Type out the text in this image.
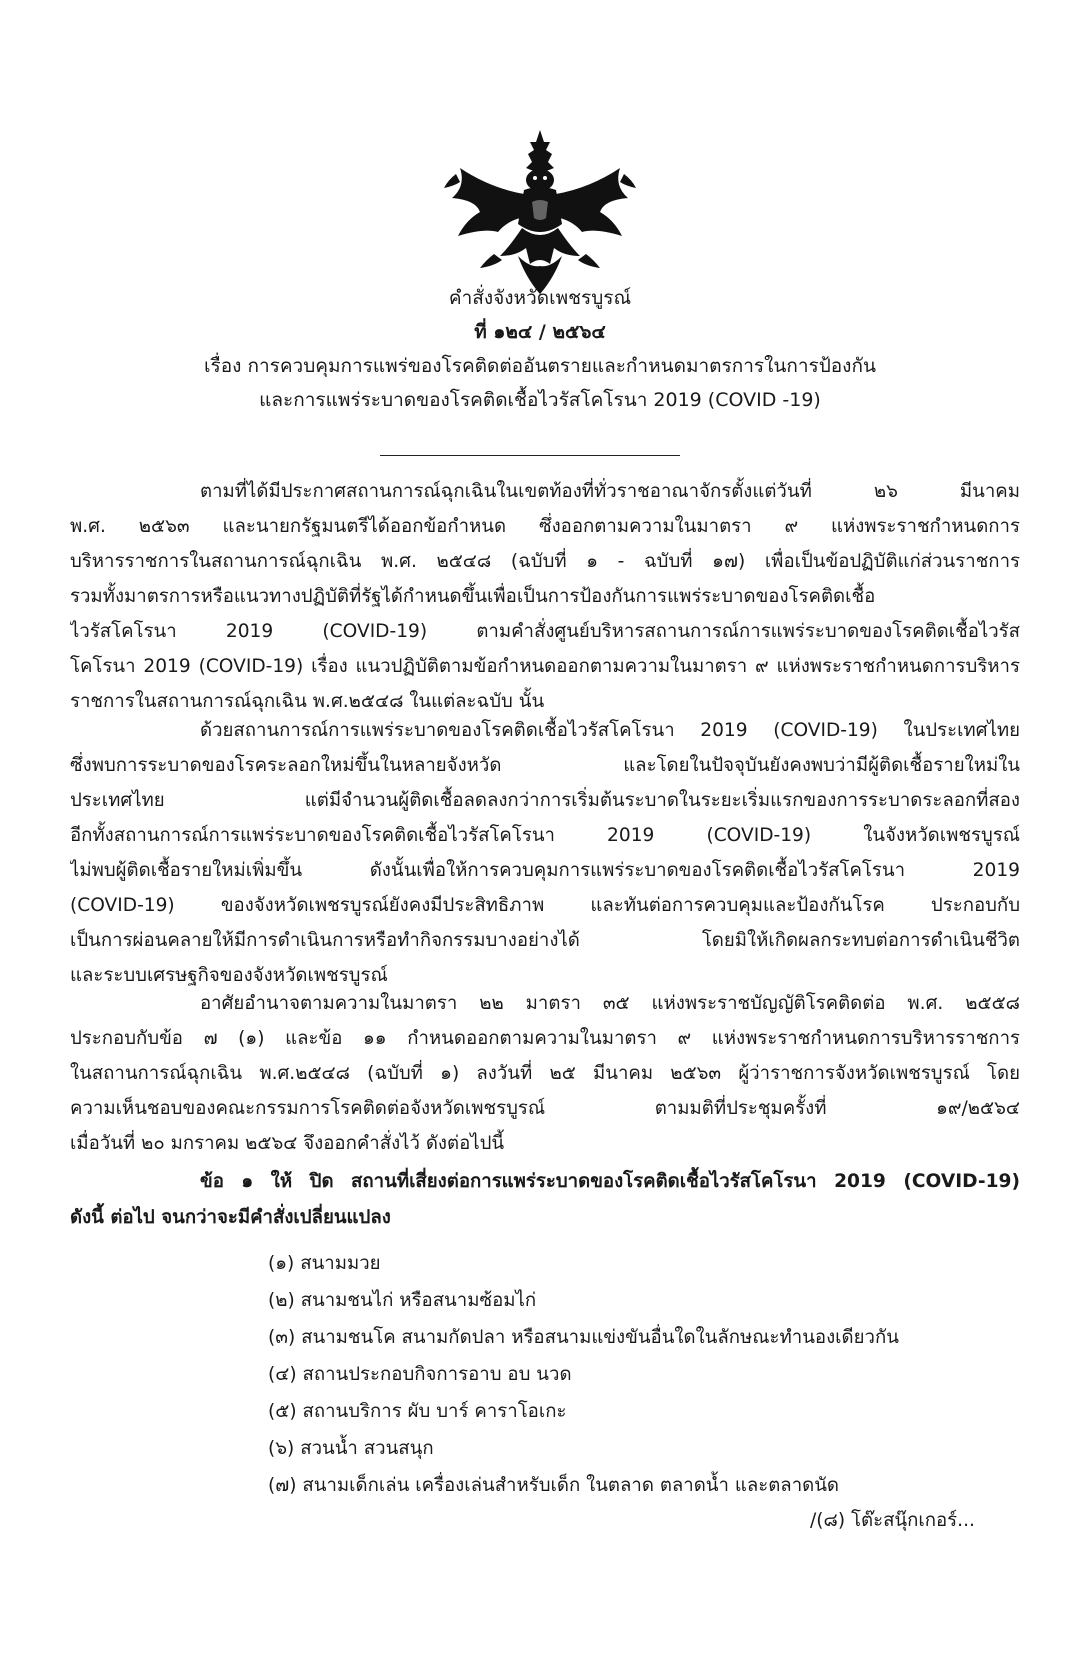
คำสั่งจังหวัดเพชรบูรณ์
ที่ ๑๒๔ / ๒๕๖๔
เรื่อง การควบคุมการแพร่ของโรคติดต่ออันตรายและกำหนดมาตรการในการป้องกัน
และการแพร่ระบาดของโรคติดเชื้อไวรัสโคโรนา 2019 (COVID -19)
ตามที่ได้มีประกาศสถานการณ์ฉุกเฉินในเขตท้องที่ทั่วราชอาณาจักรตั้งแต่วันที่ ๒๖ มีนาคม
พ.ศ. ๒๕๖๓ และนายกรัฐมนตรีได้ออกข้อกำหนด ซึ่งออกตามความในมาตรา ๙ แห่งพระราชกำหนดการ
บริหารราชการในสถานการณ์ฉุกเฉิน พ.ศ. ๒๕๔๘ (ฉบับที่ ๑ - ฉบับที่ ๑๗) เพื่อเป็นข้อปฏิบัติแก่ส่วนราชการ
รวมทั้งมาตรการหรือแนวทางปฏิบัติที่รัฐได้กำหนดขึ้นเพื่อเป็นการป้องกันการแพร่ระบาดของโรคติดเชื้อ
ไวรัสโคโรนา 2019 (COVID-19) ตามคำสั่งศูนย์บริหารสถานการณ์การแพร่ระบาดของโรคติดเชื้อไวรัส
โคโรนา 2019 (COVID-19) เรื่อง แนวปฏิบัติตามข้อกำหนดออกตามความในมาตรา ๙ แห่งพระราชกำหนดการบริหาร
ราชการในสถานการณ์ฉุกเฉิน พ.ศ.๒๕๔๘ ในแต่ละฉบับ นั้น
ด้วยสถานการณ์การแพร่ระบาดของโรคติดเชื้อไวรัสโคโรนา 2019 (COVID-19) ในประเทศไทย
ซึ่งพบการระบาดของโรคระลอกใหม่ขึ้นในหลายจังหวัด และโดยในปัจจุบันยังคงพบว่ามีผู้ติดเชื้อรายใหม่ใน
ประเทศไทย แต่มีจำนวนผู้ติดเชื้อลดลงกว่าการเริ่มต้นระบาดในระยะเริ่มแรกของการระบาดระลอกที่สอง
อีกทั้งสถานการณ์การแพร่ระบาดของโรคติดเชื้อไวรัสโคโรนา 2019 (COVID-19) ในจังหวัดเพชรบูรณ์
ไม่พบผู้ติดเชื้อรายใหม่เพิ่มขึ้น ดังนั้นเพื่อให้การควบคุมการแพร่ระบาดของโรคติดเชื้อไวรัสโคโรนา 2019
(COVID-19) ของจังหวัดเพชรบูรณ์ยังคงมีประสิทธิภาพ และทันต่อการควบคุมและป้องกันโรค ประกอบกับ
เป็นการผ่อนคลายให้มีการดำเนินการหรือทำกิจกรรมบางอย่างได้ โดยมิให้เกิดผลกระทบต่อการดำเนินชีวิต
และระบบเศรษฐกิจของจังหวัดเพชรบูรณ์
อาศัยอำนาจตามความในมาตรา ๒๒ มาตรา ๓๕ แห่งพระราชบัญญัติโรคติดต่อ พ.ศ. ๒๕๕๘
ประกอบกับข้อ ๗ (๑) และข้อ ๑๑ กำหนดออกตามความในมาตรา ๙ แห่งพระราชกำหนดการบริหารราชการ
ในสถานการณ์ฉุกเฉิน พ.ศ.๒๕๔๘ (ฉบับที่ ๑) ลงวันที่ ๒๕ มีนาคม ๒๕๖๓ ผู้ว่าราชการจังหวัดเพชรบูรณ์ โดย
ความเห็นชอบของคณะกรรมการโรคติดต่อจังหวัดเพชรบูรณ์ ตามมติที่ประชุมครั้งที่ ๑๙/๒๕๖๔
เมื่อวันที่ ๒๐ มกราคม ๒๕๖๔ จึงออกคำสั่งไว้ ดังต่อไปนี้
ข้อ ๑ ให้ ปิด สถานที่เสี่ยงต่อการแพร่ระบาดของโรคติดเชื้อไวรัสโคโรนา 2019 (COVID-19)
ดังนี้ ต่อไป จนกว่าจะมีคำสั่งเปลี่ยนแปลง
(๑) สนามมวย
(๒) สนามชนไก่ หรือสนามซ้อมไก่
(๓) สนามชนโค สนามกัดปลา หรือสนามแข่งขันอื่นใดในลักษณะทำนองเดียวกัน
(๔) สถานประกอบกิจการอาบ อบ นวด
(๕) สถานบริการ ผับ บาร์ คาราโอเกะ
(๖) สวนน้ำ สวนสนุก
(๗) สนามเด็กเล่น เครื่องเล่นสำหรับเด็ก ในตลาด ตลาดน้ำ และตลาดนัด
/(๘) โต๊ะสนุ๊กเกอร์...
